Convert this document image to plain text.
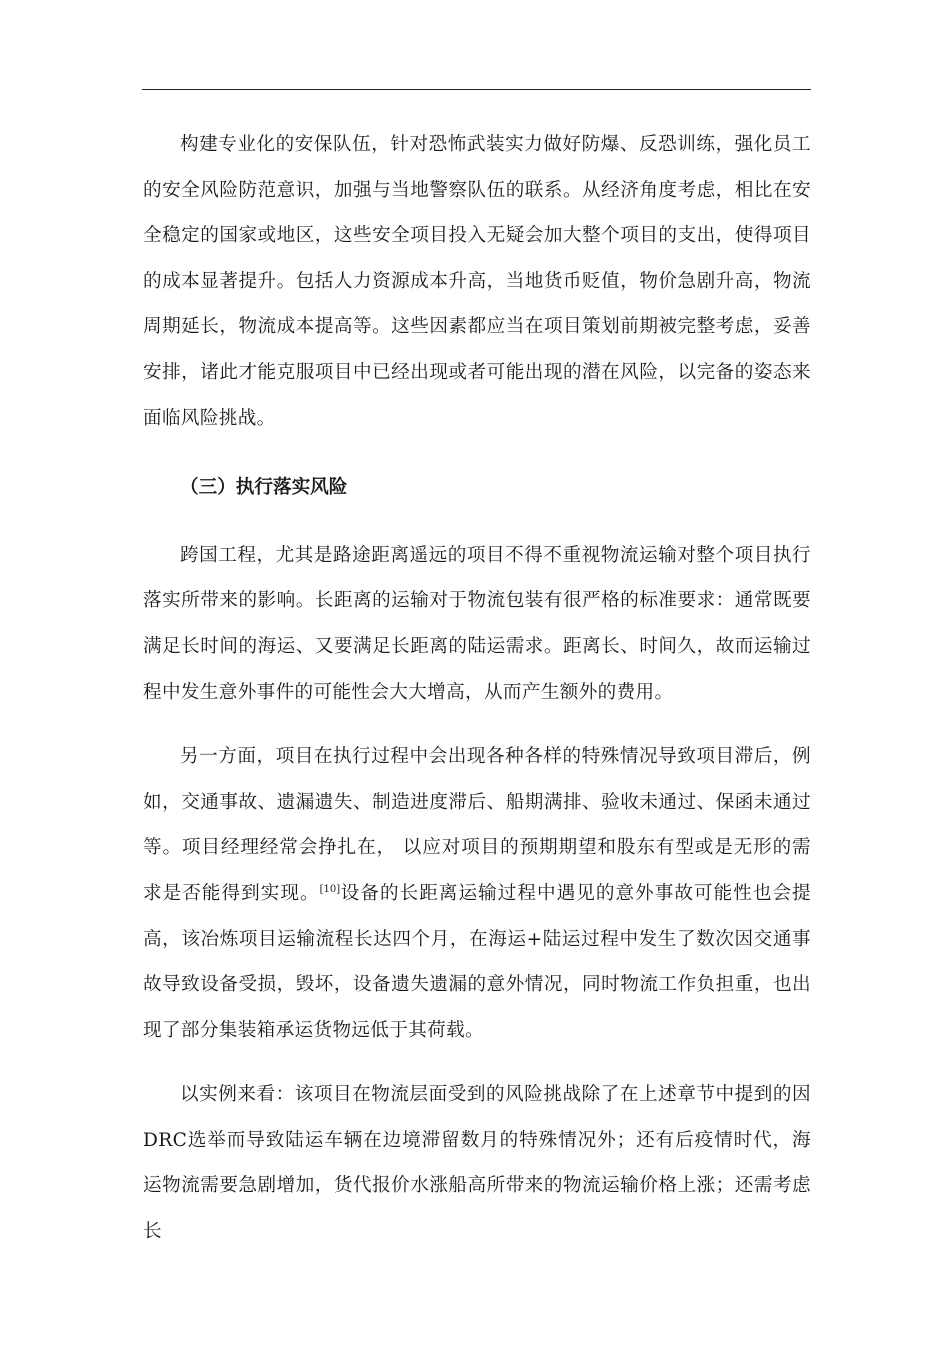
构建专业化的安保队伍，针对恐怖武装实力做好防爆、反恐训练，强化员工的安全风险防范意识，加强与当地警察队伍的联系。从经济角度考虑，相比在安全稳定的国家或地区，这些安全项目投入无疑会加大整个项目的支出，使得项目的成本显著提升。包括人力资源成本升高，当地货币贬值，物价急剧升高，物流周期延长，物流成本提高等。这些因素都应当在项目策划前期被完整考虑，妥善安排，诸此才能克服项目中已经出现或者可能出现的潜在风险，以完备的姿态来面临风险挑战。

（三）执行落实风险

跨国工程，尤其是路途距离遥远的项目不得不重视物流运输对整个项目执行落实所带来的影响。长距离的运输对于物流包装有很严格的标准要求：通常既要满足长时间的海运、又要满足长距离的陆运需求。距离长、时间久，故而运输过程中发生意外事件的可能性会大大增高，从而产生额外的费用。

另一方面，项目在执行过程中会出现各种各样的特殊情况导致项目滞后，例如，交通事故、遗漏遗失、制造进度滞后、船期满排、验收未通过、保函未通过等。项目经理经常会挣扎在， 以应对项目的预期期望和股东有型或是无形的需求是否能得到实现。[10]设备的长距离运输过程中遇见的意外事故可能性也会提高，该冶炼项目运输流程长达四个月，在海运+陆运过程中发生了数次因交通事故导致设备受损，毁坏，设备遗失遗漏的意外情况，同时物流工作负担重，也出现了部分集装箱承运货物远低于其荷载。

以实例来看：该项目在物流层面受到的风险挑战除了在上述章节中提到的因DRC选举而导致陆运车辆在边境滞留数月的特殊情况外；还有后疫情时代，海运物流需要急剧增加，货代报价水涨船高所带来的物流运输价格上涨；还需考虑长
